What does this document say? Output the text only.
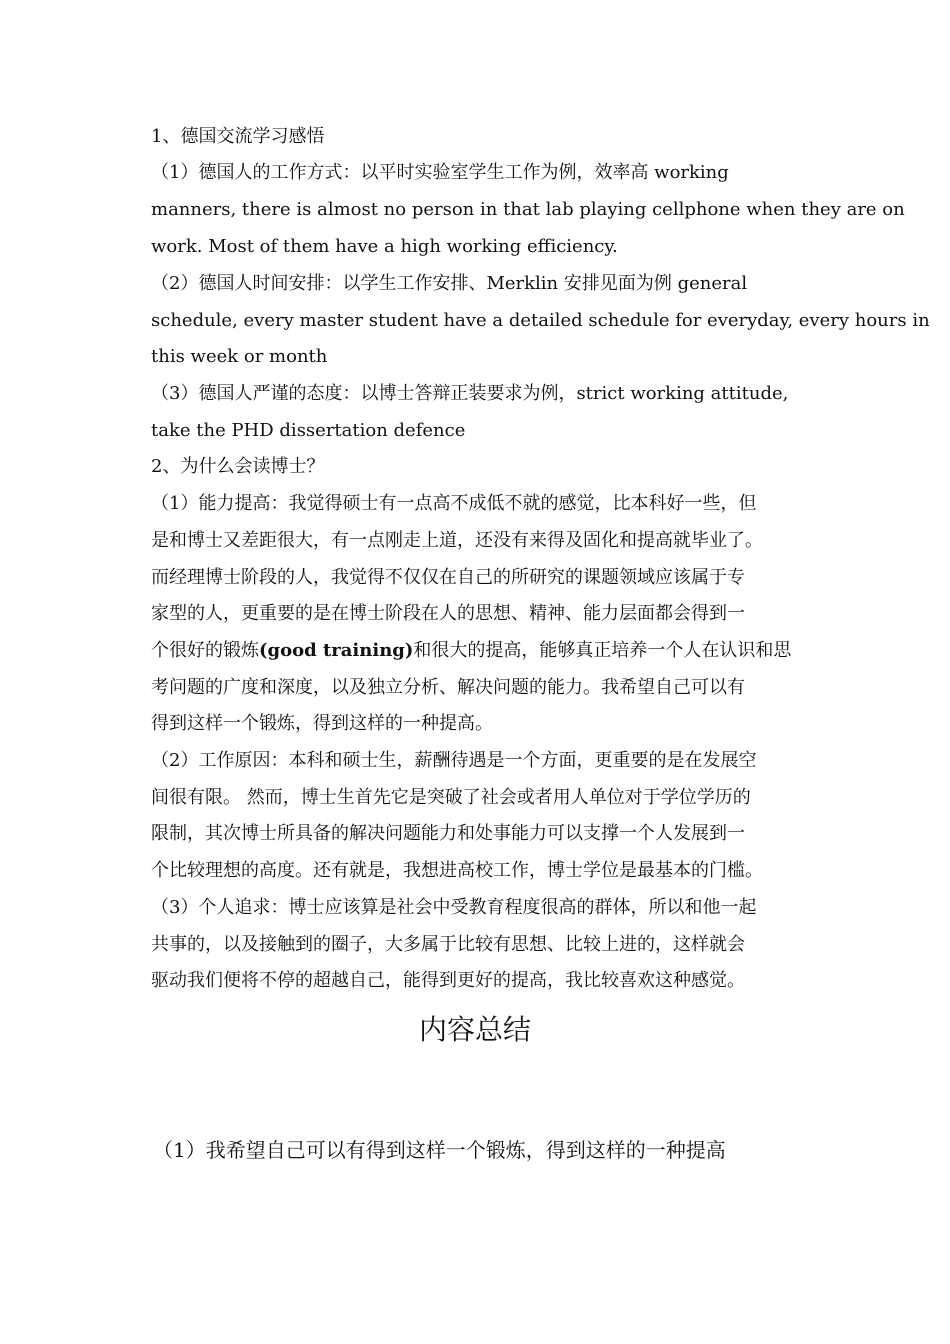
1、德国交流学习感悟
（1）德国人的工作方式：以平时实验室学生工作为例，效率高 working
manners, there is almost no person in that lab playing cellphone when they are on
work. Most of them have a high working efficiency.
（2）德国人时间安排：以学生工作安排、Merklin 安排见面为例 general
schedule, every master student have a detailed schedule for everyday, every hours in
this week or month
（3）德国人严谨的态度：以博士答辩正装要求为例，strict working attitude,
take the PHD dissertation defence
2、为什么会读博士？
（1）能力提高：我觉得硕士有一点高不成低不就的感觉，比本科好一些，但
是和博士又差距很大，有一点刚走上道，还没有来得及固化和提高就毕业了。
而经理博士阶段的人，我觉得不仅仅在自己的所研究的课题领域应该属于专
家型的人，更重要的是在博士阶段在人的思想、精神、能力层面都会得到一
个很好的锻炼(good training)和很大的提高，能够真正培养一个人在认识和思
考问题的广度和深度，以及独立分析、解决问题的能力。我希望自己可以有
得到这样一个锻炼，得到这样的一种提高。
（2）工作原因：本科和硕士生，薪酬待遇是一个方面，更重要的是在发展空
间很有限。 然而，博士生首先它是突破了社会或者用人单位对于学位学历的
限制，其次博士所具备的解决问题能力和处事能力可以支撑一个人发展到一
个比较理想的高度。还有就是，我想进高校工作，博士学位是最基本的门槛。
（3）个人追求：博士应该算是社会中受教育程度很高的群体，所以和他一起
共事的，以及接触到的圈子，大多属于比较有思想、比较上进的，这样就会
驱动我们便将不停的超越自己，能得到更好的提高，我比较喜欢这种感觉。
内容总结
（1）我希望自己可以有得到这样一个锻炼，得到这样的一种提高
